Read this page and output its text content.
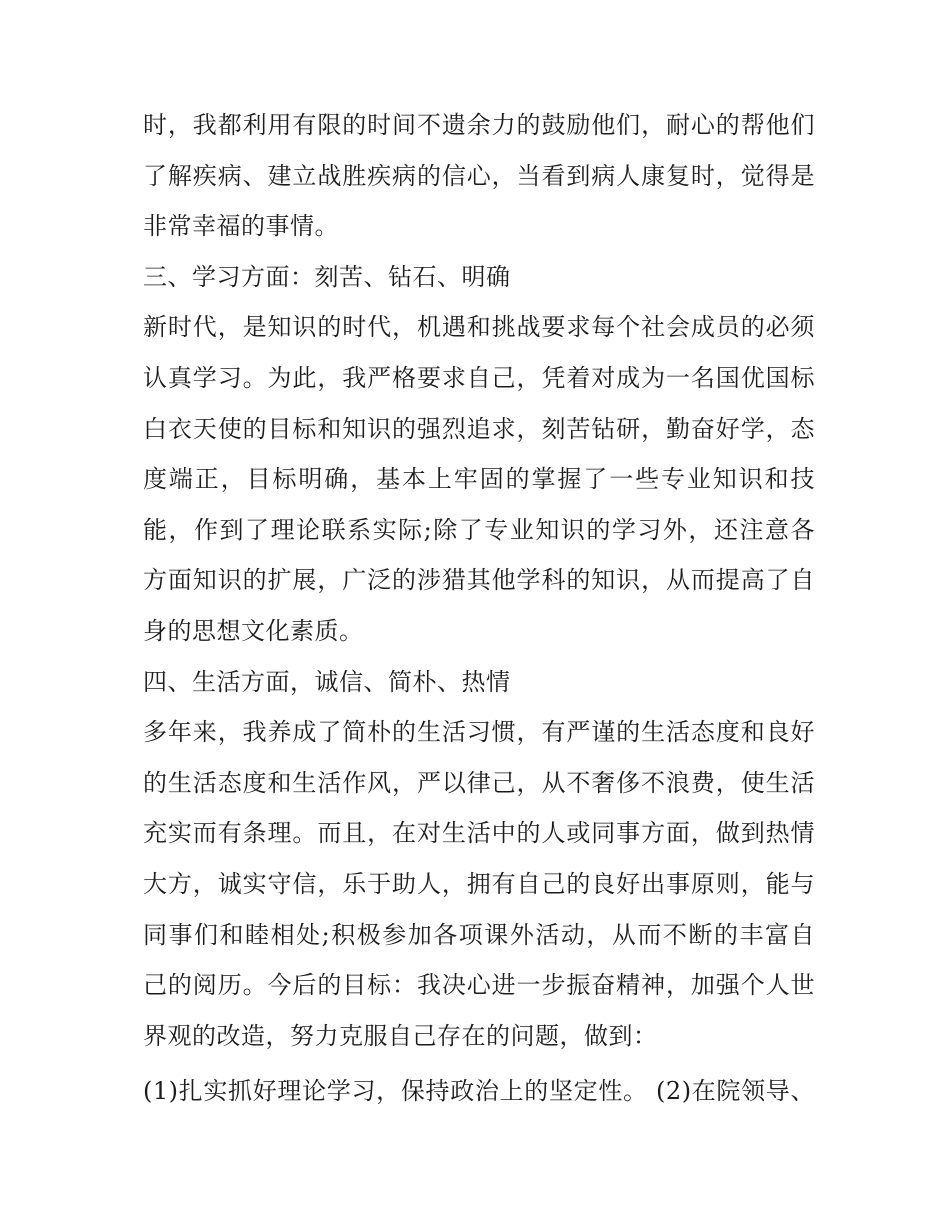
时，我都利用有限的时间不遗余力的鼓励他们，耐心的帮他们
了解疾病、建立战胜疾病的信心，当看到病人康复时，觉得是
非常幸福的事情。
三、学习方面：刻苦、钻石、明确
新时代，是知识的时代，机遇和挑战要求每个社会成员的必须
认真学习。为此，我严格要求自己，凭着对成为一名国优国标
白衣天使的目标和知识的强烈追求，刻苦钻研，勤奋好学，态
度端正，目标明确，基本上牢固的掌握了一些专业知识和技
能，作到了理论联系实际;除了专业知识的学习外，还注意各
方面知识的扩展，广泛的涉猎其他学科的知识，从而提高了自
身的思想文化素质。
四、生活方面，诚信、简朴、热情
多年来，我养成了简朴的生活习惯，有严谨的生活态度和良好
的生活态度和生活作风，严以律己，从不奢侈不浪费，使生活
充实而有条理。而且，在对生活中的人或同事方面，做到热情
大方，诚实守信，乐于助人，拥有自己的良好出事原则，能与
同事们和睦相处;积极参加各项课外活动，从而不断的丰富自
己的阅历。今后的目标：我决心进一步振奋精神，加强个人世
界观的改造，努力克服自己存在的问题，做到：
(1)扎实抓好理论学习，保持政治上的坚定性。 (2)在院领导、
